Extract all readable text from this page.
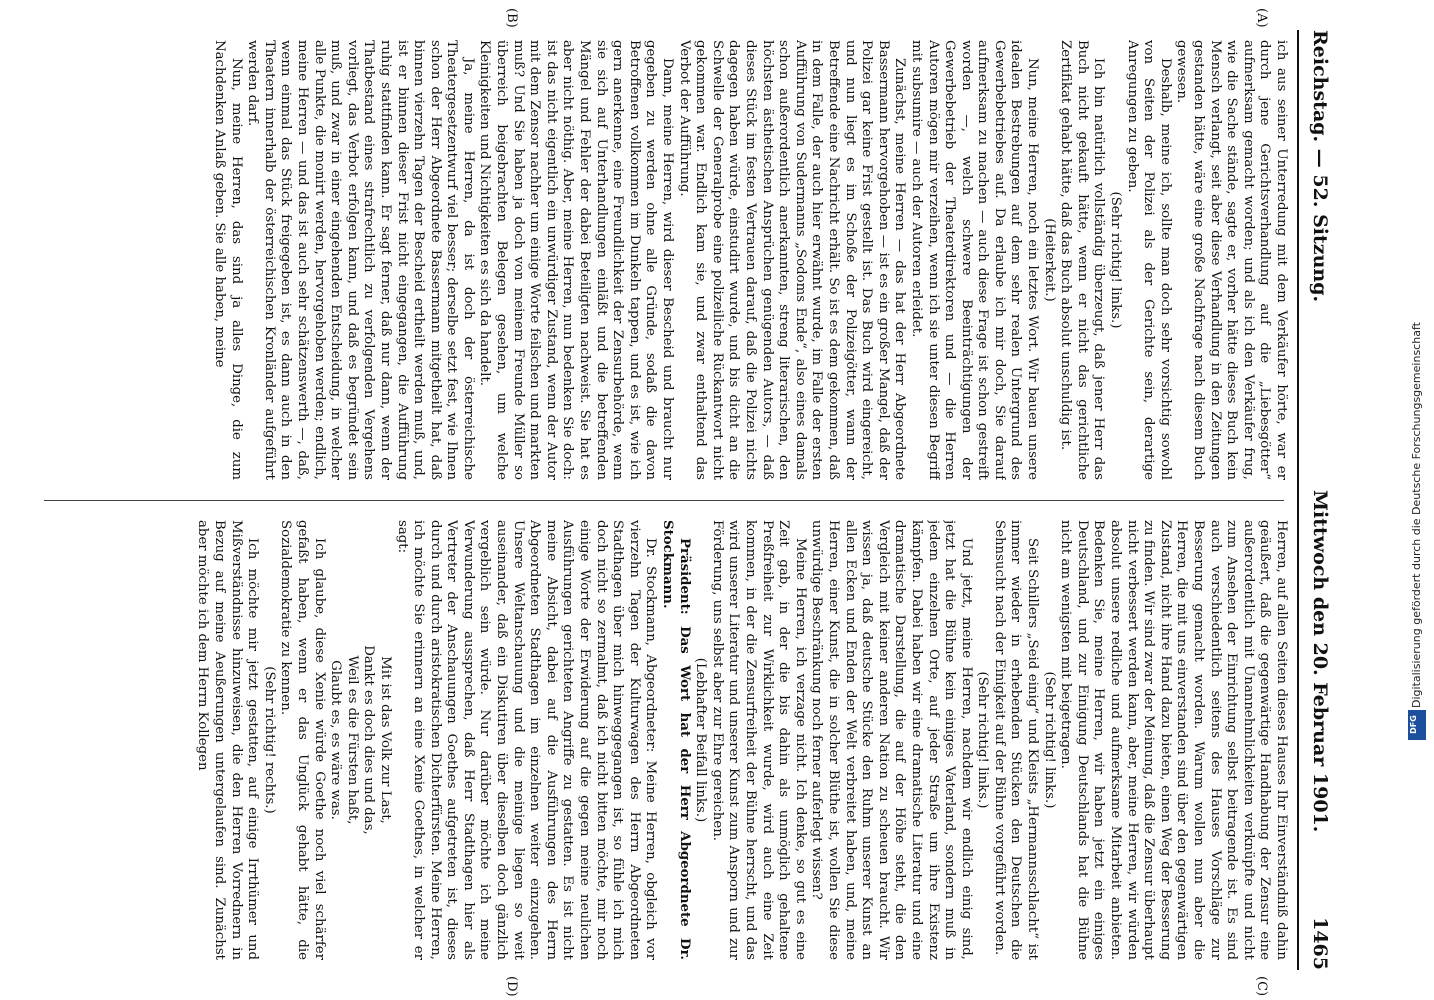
Reichstag. — 52. Sitzung.
Mittwoch den 20. Februar 1901.
1465
(A)
(B)
(C)
(D)

ich aus seiner Unterredung mit dem Verkäufer hörte, war er durch jene Gerichtsverhandlung auf die „Liebesgötter“ aufmerksam gemacht worden; und als ich den Verkäufer frug, wie die Sache stände, sagte er, vorher hätte dieses Buch kein Mensch verlangt, seit aber diese Verhandlung in den Zeitungen gestanden hätte, wäre eine große Nachfrage nach diesem Buch gewesen.

Deshalb, meine ich, sollte man doch sehr vorsichtig sowohl von Seiten der Polizei als der Gerichte sein, derartige Anregungen zu geben.

(Sehr richtig! links.)

Ich bin natürlich vollständig überzeugt, daß jener Herr das Buch nicht gekauft hätte, wenn er nicht das gerichtliche Zertifikat gehabt hätte, daß das Buch absolut unschuldig ist.

(Heiterkeit.)

Nun, meine Herren, noch ein letztes Wort. Wir bauen unsere idealen Bestrebungen auf dem sehr realen Untergrund des Gewerbebetriebes auf. Da erlaube ich mir doch, Sie darauf aufmerksam zu machen — auch diese Frage ist schon gestreift worden —, welch schwere Beeinträchtigungen der Gewerbebetrieb der Theaterdirektoren und — die Herren Autoren mögen mir verzeihen, wenn ich sie unter diesen Begriff mit subsumire — auch der Autoren erleidet.

Zunächst, meine Herren — das hat der Herr Abgeordnete Bassermann hervorgehoben — ist es ein großer Mangel, daß der Polizei gar keine Frist gestellt ist. Das Buch wird eingereicht, und nun liegt es im Schoße der Polizeigötter, wann der Betreffende eine Nachricht erhält. So ist es dem gekommen, daß in dem Falle, der auch hier erwähnt wurde, im Falle der ersten Aufführung von Sudermanns „Sodoms Ende“, also eines damals schon außerordentlich anerkannten, streng literarischen, den höchsten ästhetischen Ansprüchen genügenden Autors, — daß dieses Stück im festen Vertrauen darauf, daß die Polizei nichts dagegen haben würde, einstudirt wurde, und bis dicht an die Schwelle der Generalprobe eine polizeiliche Rückantwort nicht gekommen war. Endlich kam sie, und zwar enthaltend das Verbot der Aufführung.

Dann, meine Herren, wird dieser Bescheid und braucht nur gegeben zu werden ohne alle Gründe, sodaß die davon Betroffenen vollkommen im Dunkeln tappen, und es ist, wie ich gern anerkenne, eine Freundlichkeit der Zensurbehörde, wenn sie sich auf Unterhandlungen einläßt und die betreffenden Mängel und Fehler der dabei Beteiligten nachweist. Sie hat es aber nicht nöthig. Aber, meine Herren, nun bedenken Sie doch: ist das nicht eigentlich ein unwürdiger Zustand, wenn der Autor mit dem Zensor nachher um einige Worte feilschen und markten muß? Und Sie haben ja doch von meinem Freunde Müller so überreich beigebrachten Belegen gesehen, um welche Kleinigkeiten und Nichtigkeiten es sich da handelt.

Ja, meine Herren, da ist doch der österreichische Theatergesetzentwurf viel besser; derselbe setzt fest, wie Ihnen schon der Herr Abgeordnete Bassermann mitgetheilt hat, daß binnen vierzehn Tagen der Bescheid ertheilt werden muß, und, ist er binnen dieser Frist nicht eingegangen, die Aufführung ruhig stattfinden kann. Er sagt ferner, daß nur dann, wenn der Thatbestand eines strafrechtlich zu verfolgenden Vergehens vorliegt, das Verbot erfolgen kann, und daß es begründet sein muß, und zwar in einer eingehenden Entscheidung, in welcher alle Punkte, die monirt werden, hervorgehoben werden; endlich, meine Herren — und das ist auch sehr schätzenswerth —, daß, wenn einmal das Stück freigegeben ist, es dann auch in den Theatern innerhalb der österreichischen Kronländer aufgeführt werden darf.

Nun, meine Herren, das sind ja alles Dinge, die zum Nachdenken Anlaß geben. Sie alle haben, meine

Herren, auf allen Seiten dieses Hauses Ihr Einverständniß dahin geäußert, daß die gegenwärtige Handhabung der Zensur eine außerordentlich mit Unannehmlichkeiten verknüpfte und nicht zum Ansehen der Einrichtung selbst beitragende ist. Es sind auch verschiedentlich seitens des Hauses Vorschläge zur Besserung gemacht worden. Warum wollen nun aber die Herren, die mit uns einverstanden sind über den gegenwärtigen Zustand, nicht ihre Hand dazu bieten, einen Weg der Besserung zu finden. Wir sind zwar der Meinung, daß die Zensur überhaupt nicht verbessert werden kann, aber, meine Herren, wir würden absolut unsere redliche und aufmerksame Mitarbeit anbieten. Bedenken Sie, meine Herren, wir haben jetzt ein einiges Deutschland, und zur Einigung Deutschlands hat die Bühne nicht am wenigsten mit beigetragen.

(Sehr richtig! links.)

Seit Schillers „Seid einig“ und Kleists „Hermannsschlacht“ ist immer wieder in erhebenden Stücken den Deutschen die Sehnsucht nach der Einigkeit auf der Bühne vorgeführt worden.

(Sehr richtig! links.)

Und jetzt, meine Herren, nachdem wir endlich einig sind, jetzt hat die Bühne kein einiges Vaterland, sondern muß in jedem einzelnen Orte, auf jeder Straße um ihre Existenz kämpfen. Dabei haben wir eine dramatische Literatur und eine dramatische Darstellung, die auf der Höhe steht, die den Vergleich mit keiner anderen Nation zu scheuen braucht. Wir wissen ja, daß deutsche Stücke den Ruhm unserer Kunst an allen Ecken und Enden der Welt verbreitet haben, und, meine Herren, einer Kunst, die in solcher Blüthe ist, wollen Sie diese unwürdige Beschränkung noch ferner auferlegt wissen?

Meine Herren, ich verzage nicht. Ich denke, so gut es eine Zeit gab, in der die bis dahin als unmöglich gehaltene Preßfreiheit zur Wirklichkeit wurde, wird auch eine Zeit kommen, in der die Zensurfreiheit der Bühne herrscht, und das wird unserer Literatur und unserer Kunst zum Ansporn und zur Förderung, uns selbst aber zur Ehre gereichen.

(Lebhafter Beifall links.)

Präsident: Das Wort hat der Herr Abgeordnete Dr. Stockmann.

Dr. Stockmann, Abgeordneter: Meine Herren, obgleich vor vierzehn Tagen der Kulturwagen des Herrn Abgeordneten Stadthagen über mich hinweggegangen ist, so fühle ich mich doch nicht so zermalmt, daß ich nicht bitten möchte, mir noch einige Worte der Erwiderung auf die gegen meine neulichen Ausführungen gerichteten Angriffe zu gestatten. Es ist nicht meine Absicht, dabei auf die Ausführungen des Herrn Abgeordneten Stadthagen im einzelnen weiter einzugehen. Unsere Weltanschauung und die meinige liegen so weit auseinander, daß ein Diskutiren über dieselben doch gänzlich vergeblich sein würde. Nur darüber möchte ich meine Verwunderung aussprechen, daß Herr Stadthagen hier als Vertreter der Anschauungen Goethes aufgetreten ist, dieses durch und durch aristokratischen Dichterfürsten. Meine Herren, ich möchte Sie erinnern an eine Xenie Goethes, in welcher er sagt:

Mit ist das Volk zur Last,

Dankt es doch dies und das,

Weil es die Fürsten haßt,

Glaubt es, es wäre was.

Ich glaube, diese Xenie würde Goethe noch viel schärfer gefaßt haben, wenn er das Unglück gehabt hätte, die Sozialdemokratie zu kennen.

(Sehr richtig! rechts.)

Ich möchte mir jetzt gestatten, auf einige Irrthümer und Mißverständnisse hinzuweisen, die den Herren Vorrednern in Bezug auf meine Aeußerungen untergelaufen sind. Zunächst aber möchte ich dem Herrn Kollegen	Digitalisierung gefördert durch die Deutsche Forschungsgemeinschaft
DFG
